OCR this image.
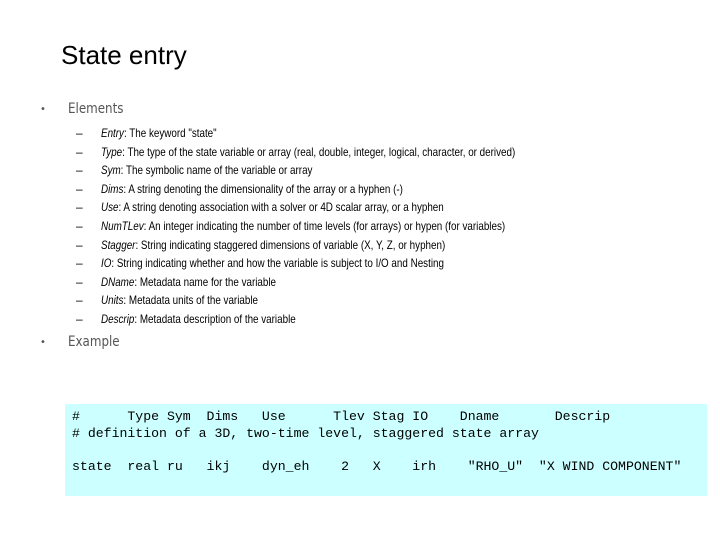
State entry
• Elements
– Entry: The keyword "state"
– Type: The type of the state variable or array (real, double, integer, logical, character, or derived)
– Sym: The symbolic name of the variable or array
– Dims: A string denoting the dimensionality of the array or a hyphen (-)
– Use: A string denoting association with a solver or 4D scalar array, or a hyphen
– NumTLev: An integer indicating the number of time levels (for arrays) or hypen (for variables)
– Stagger: String indicating staggered dimensions of variable (X, Y, Z, or hyphen)
– IO: String indicating whether and how the variable is subject to I/O and Nesting
– DName: Metadata name for the variable
– Units: Metadata units of the variable
– Descrip: Metadata description of the variable
• Example
#      Type Sym  Dims   Use      Tlev Stag IO    Dname       Descrip
# definition of a 3D, two-time level, staggered state array
state  real ru   ikj    dyn_eh    2   X    irh    "RHO_U"  "X WIND COMPONENT"
